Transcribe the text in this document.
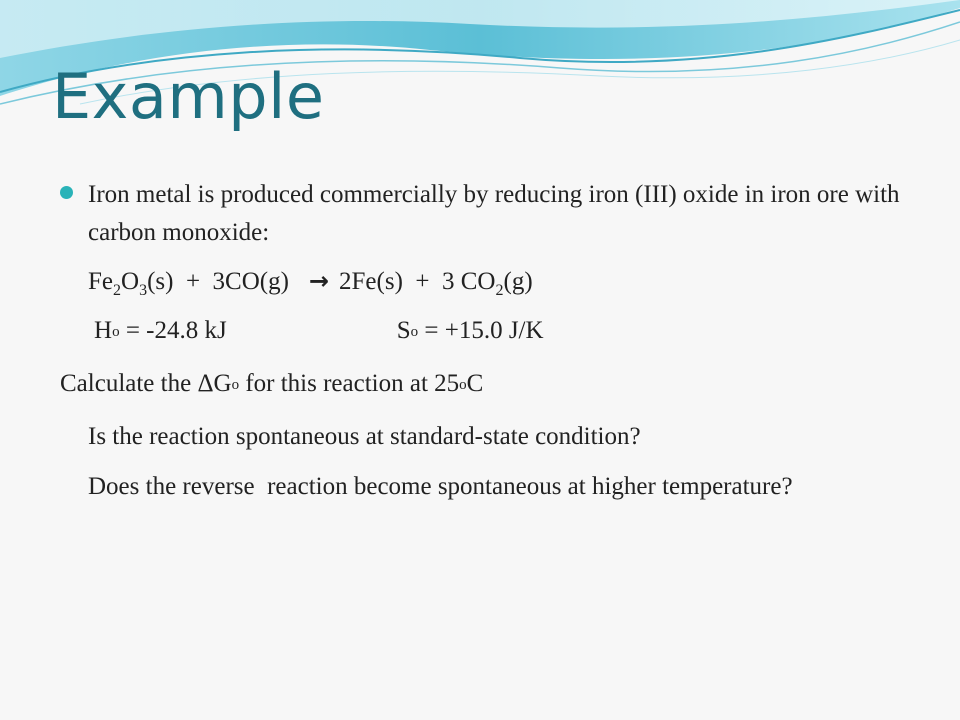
Example
Iron metal is produced commercially by reducing iron (III) oxide in iron ore with carbon monoxide:
$Fe_2O_3(s) + 3CO(g) \to 2Fe(s) + 3$ $CO_2(g)$
Ho = -24.8 kJ	So = +15.0 J/K
Calculate the ΔGo for this reaction at 25oC
Is the reaction spontaneous at standard-state condition?
Does the reverse  reaction become spontaneous at higher temperature?
